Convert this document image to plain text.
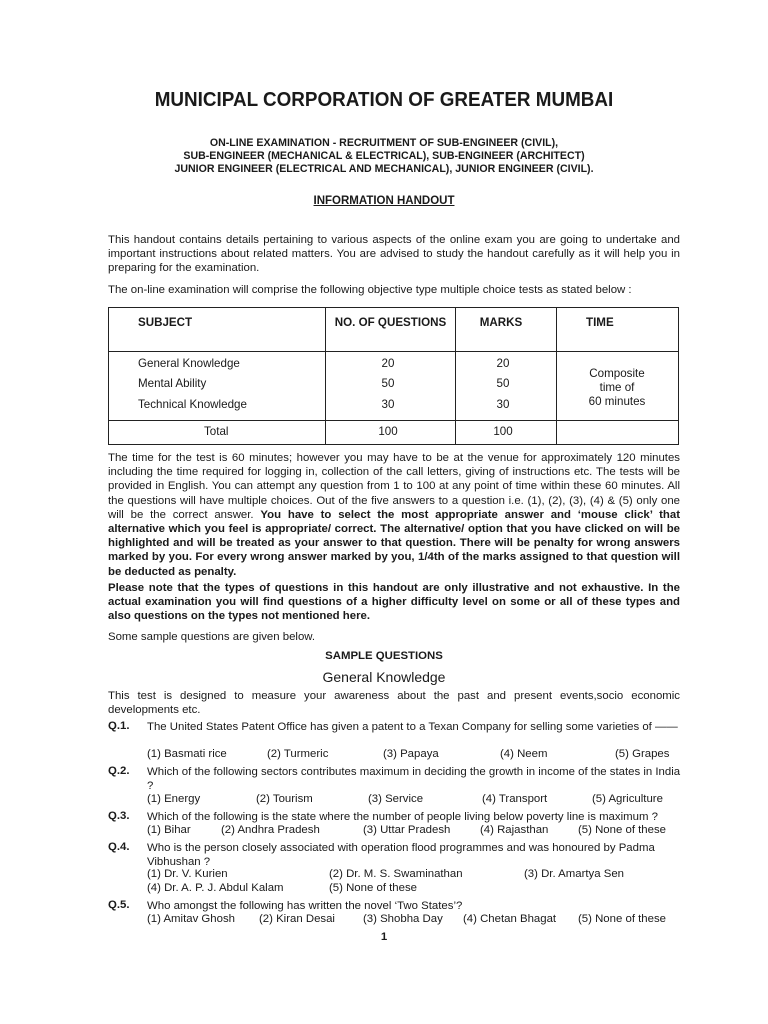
MUNICIPAL CORPORATION OF GREATER MUMBAI
ON-LINE EXAMINATION - RECRUITMENT OF SUB-ENGINEER (CIVIL),
SUB-ENGINEER (MECHANICAL & ELECTRICAL), SUB-ENGINEER (ARCHITECT)
JUNIOR ENGINEER (ELECTRICAL AND MECHANICAL), JUNIOR ENGINEER (CIVIL).
INFORMATION HANDOUT
This handout contains details pertaining to various aspects of the online exam you are going to undertake and important instructions about related matters. You are advised to study the handout carefully as it will help you in preparing for the examination.
The on-line examination will comprise the following objective type multiple choice tests as stated below :
SUBJECT	NO. OF QUESTIONS	MARKS	TIME
General Knowledge	20	20
Mental Ability	50	50
Technical Knowledge	30	30
Composite
time of
60 minutes
Total	100	100
The time for the test is 60 minutes; however you may have to be at the venue for approximately 120 minutes including the time required for logging in, collection of the call letters, giving of instructions etc. The tests will be provided in English. You can attempt any question from 1 to 100 at any point of time within these 60 minutes. All the questions will have multiple choices. Out of the five answers to a question i.e. (1), (2), (3), (4) & (5) only one will be the correct answer. You have to select the most appropriate answer and ‘mouse click’ that alternative which you feel is appropriate/ correct. The alternative/ option that you have clicked on will be highlighted and will be treated as your answer to that question. There will be penalty for wrong answers marked by you. For every wrong answer marked by you, 1/4th of the marks assigned to that question will be deducted as penalty.
Please note that the types of questions in this handout are only illustrative and not exhaustive. In the actual examination you will find questions of a higher difficulty level on some or all of these types and also questions on the types not mentioned here.
Some sample questions are given below.
SAMPLE QUESTIONS
General Knowledge
This test is designed to measure your awareness about the past and present events,socio economic developments etc.
Q.1. The United States Patent Office has given a patent to a Texan Company for selling some varieties of ——
(1) Basmati rice	(2) Turmeric	(3) Papaya	(4) Neem	(5) Grapes
Q.2. Which of the following sectors contributes maximum in deciding the growth in income of the states in India ?
(1) Energy	(2) Tourism	(3) Service	(4) Transport	(5) Agriculture
Q.3. Which of the following is the state where the number of people living below poverty line is maximum ?
(1) Bihar	(2) Andhra Pradesh	(3) Uttar Pradesh	(4) Rajasthan	(5) None of these
Q.4. Who is the person closely associated with operation flood programmes and was honoured by Padma Vibhushan ?
(1) Dr. V. Kurien	(2) Dr. M. S. Swaminathan	(3) Dr. Amartya Sen
(4) Dr. A. P. J. Abdul Kalam	(5) None of these
Q.5. Who amongst the following has written the novel ‘Two States’?
(1) Amitav Ghosh (2) Kiran Desai (3) Shobha Day (4) Chetan Bhagat (5) None of these
1
